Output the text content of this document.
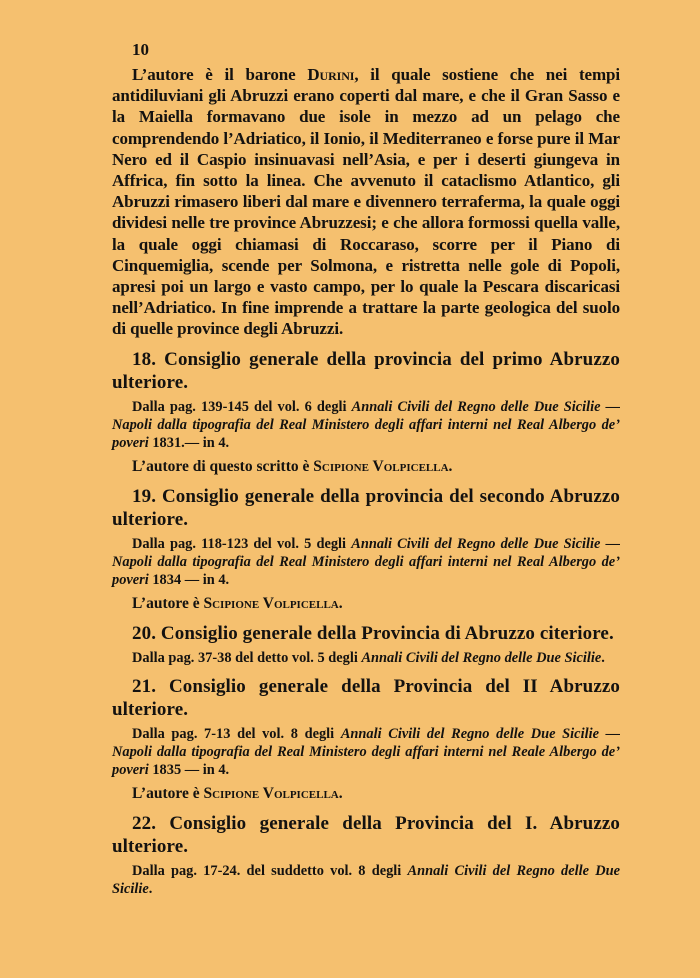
10

L’autore è il barone Durini, il quale sostiene che nei tempi antidiluviani gli Abruzzi erano coperti dal mare, e che il Gran Sasso e la Maiella formavano due isole in mezzo ad un pelago che comprendendo l’Adriatico, il Ionio, il Mediterraneo e forse pure il Mar Nero ed il Caspio insinuavasi nell’Asia, e per i deserti giungeva in Affrica, fin sotto la linea. Che avvenuto il cataclismo Atlantico, gli Abruzzi rimasero liberi dal mare e divennero terraferma, la quale oggi dividesi nelle tre province Abruzzesi; e che allora formossi quella valle, la quale oggi chiamasi di Roccaraso, scorre per il Piano di Cinquemiglia, scende per Solmona, e ristretta nelle gole di Popoli, apresi poi un largo e vasto campo, per lo quale la Pescara discaricasi nell’Adriatico. In fine imprende a trattare la parte geologica del suolo di quelle province degli Abruzzi.

18. Consiglio generale della provincia del primo Abruzzo ulteriore.

Dalla pag. 139-145 del vol. 6 degli Annali Civili del Regno delle Due Sicilie — Napoli dalla tipografia del Real Ministero degli affari interni nel Real Albergo de’ poveri 1831.— in 4.

L’autore di questo scritto è Scipione Volpicella.

19. Consiglio generale della provincia del secondo Abruzzo ulteriore.

Dalla pag. 118-123 del vol. 5 degli Annali Civili del Regno delle Due Sicilie — Napoli dalla tipografia del Real Ministero degli affari interni nel Real Albergo de’ poveri 1834 — in 4.

L’autore è Scipione Volpicella.

20. Consiglio generale della Provincia di Abruzzo citeriore.

Dalla pag. 37-38 del detto vol. 5 degli Annali Civili del Regno delle Due Sicilie.

21. Consiglio generale della Provincia del II Abruzzo ulteriore.

Dalla pag. 7-13 del vol. 8 degli Annali Civili del Regno delle Due Sicilie — Napoli dalla tipografia del Real Ministero degli affari interni nel Reale Albergo de’ poveri 1835 — in 4.

L’autore è Scipione Volpicella.

22. Consiglio generale della Provincia del I. Abruzzo ulteriore.

Dalla pag. 17-24. del suddetto vol. 8 degli Annali Civili del Regno delle Due Sicilie.
